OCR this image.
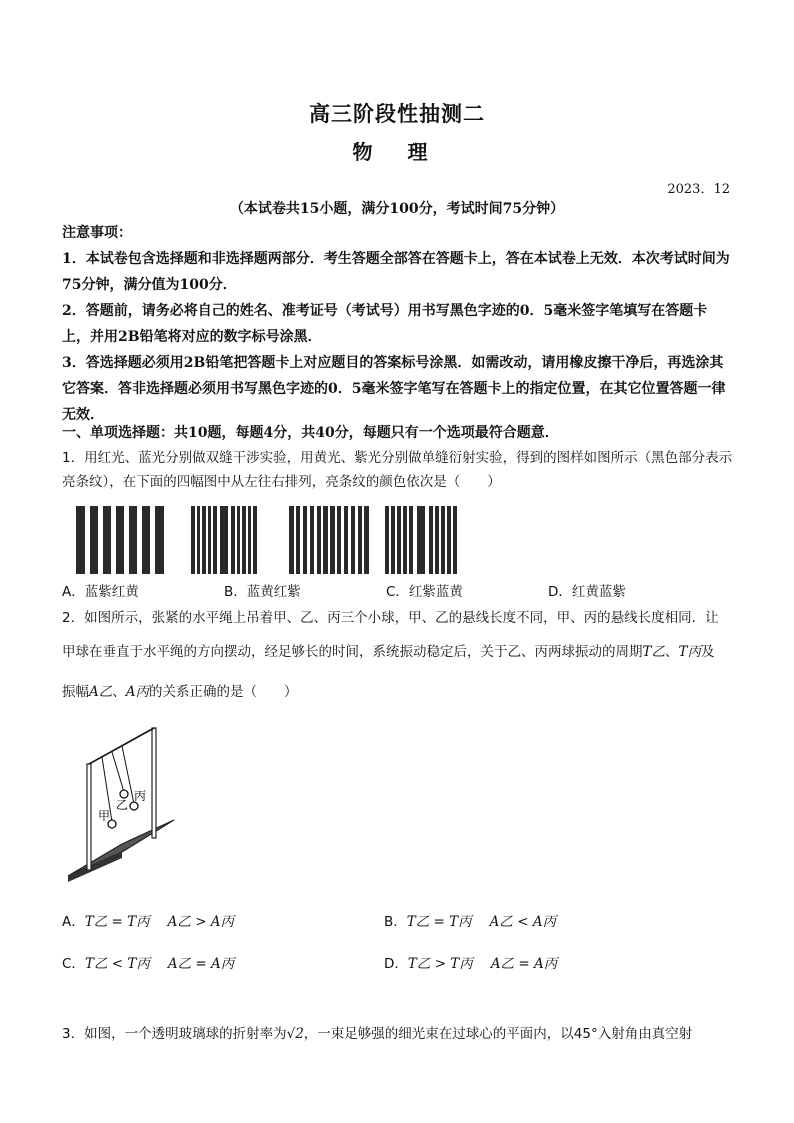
高三阶段性抽测二
物 理
2023．12
（本试卷共15小题，满分100分，考试时间75分钟）
注意事项：
1．本试卷包含选择题和非选择题两部分．考生答题全部答在答题卡上，答在本试卷上无效．本次考试时间为75分钟，满分值为100分．
2．答题前，请务必将自己的姓名、准考证号（考试号）用书写黑色字迹的0．5毫米签字笔填写在答题卡上，并用2B铅笔将对应的数字标号涂黑．
3．答选择题必须用2B铅笔把答题卡上对应题目的答案标号涂黑．如需改动，请用橡皮擦干净后，再选涂其它答案．答非选择题必须用书写黑色字迹的0．5毫米签字笔写在答题卡上的指定位置，在其它位置答题一律无效．
一、单项选择题：共10题，每题4分，共40分，每题只有一个选项最符合题意．
1．用红光、蓝光分别做双缝干涉实验，用黄光、紫光分别做单缝衍射实验，得到的图样如图所示（黑色部分表示亮条纹），在下面的四幅图中从左往右排列，亮条纹的颜色依次是（　　）
A．蓝紫红黄	B．蓝黄红紫	C．红紫蓝黄	D．红黄蓝紫
2．如图所示，张紧的水平绳上吊着甲、乙、丙三个小球，甲、乙的悬线长度不同，甲、丙的悬线长度相同．让
甲球在垂直于水平绳的方向摆动，经足够长的时间，系统振动稳定后，关于乙、丙两球振动的周期T乙、T丙及
振幅A乙、A丙的关系正确的是（　　）
甲
乙
丙
A．T乙 = T丙 A乙 > A丙	B．T乙 = T丙 A乙 < A丙
C．T乙 < T丙 A乙 = A丙	D．T乙 > T丙 A乙 = A丙
3．如图，一个透明玻璃球的折射率为√2，一束足够强的细光束在过球心的平面内，以45°入射角由真空射
